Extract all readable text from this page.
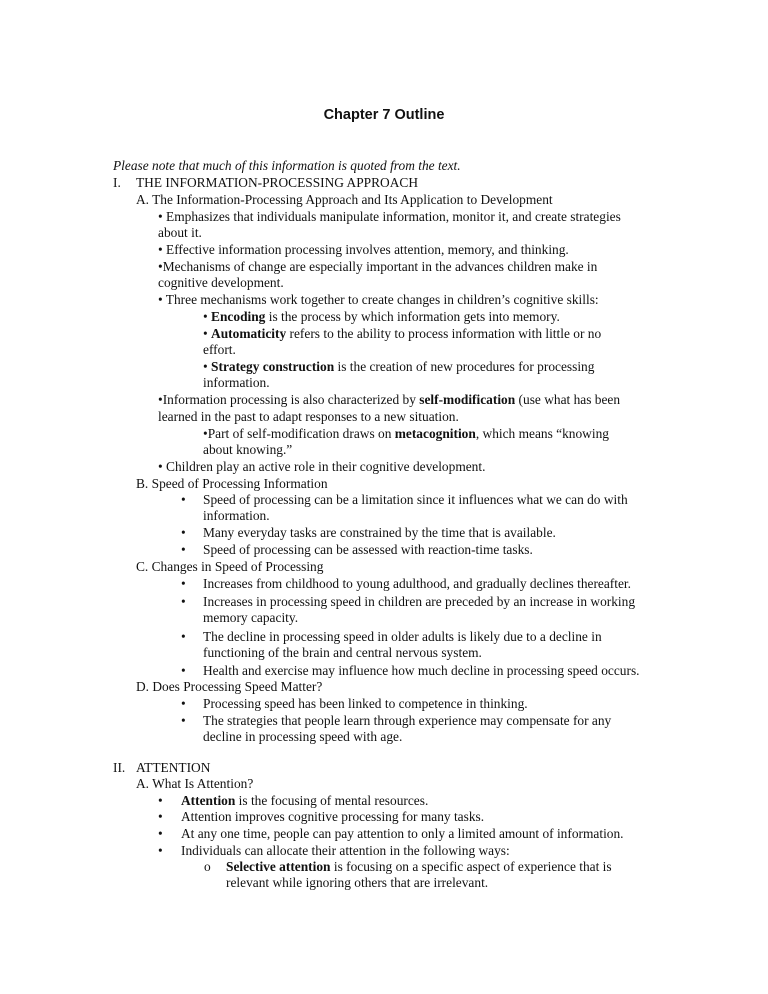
Chapter 7 Outline
Please note that much of this information is quoted from the text.
I. THE INFORMATION-PROCESSING APPROACH
A. The Information-Processing Approach and Its Application to Development
• Emphasizes that individuals manipulate information, monitor it, and create strategies
about it.
• Effective information processing involves attention, memory, and thinking.
•Mechanisms of change are especially important in the advances children make in
cognitive development.
• Three mechanisms work together to create changes in children’s cognitive skills:
• Encoding is the process by which information gets into memory.
• Automaticity refers to the ability to process information with little or no
effort.
• Strategy construction is the creation of new procedures for processing
information.
•Information processing is also characterized by self-modification (use what has been
learned in the past to adapt responses to a new situation.
•Part of self-modification draws on metacognition, which means “knowing
about knowing.”
• Children play an active role in their cognitive development.
B. Speed of Processing Information
• Speed of processing can be a limitation since it influences what we can do with
information.
• Many everyday tasks are constrained by the time that is available.
• Speed of processing can be assessed with reaction-time tasks.
C. Changes in Speed of Processing
• Increases from childhood to young adulthood, and gradually declines thereafter.
• Increases in processing speed in children are preceded by an increase in working
memory capacity.
• The decline in processing speed in older adults is likely due to a decline in
functioning of the brain and central nervous system.
• Health and exercise may influence how much decline in processing speed occurs.
D. Does Processing Speed Matter?
• Processing speed has been linked to competence in thinking.
• The strategies that people learn through experience may compensate for any
decline in processing speed with age.
II. ATTENTION
A. What Is Attention?
• Attention is the focusing of mental resources.
• Attention improves cognitive processing for many tasks.
• At any one time, people can pay attention to only a limited amount of information.
• Individuals can allocate their attention in the following ways:
o Selective attention is focusing on a specific aspect of experience that is
relevant while ignoring others that are irrelevant.
